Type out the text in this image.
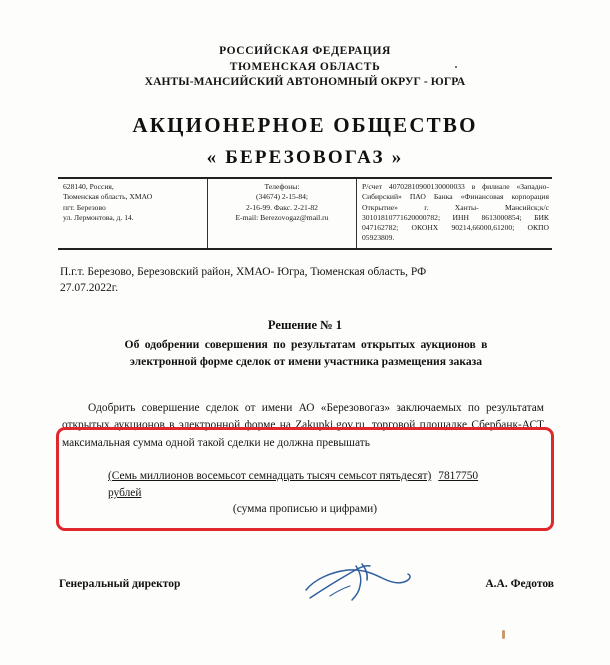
РОССИЙСКАЯ ФЕДЕРАЦИЯ
ТЮМЕНСКАЯ ОБЛАСТЬ
ХАНТЫ-МАНСИЙСКИЙ АВТОНОМНЫЙ ОКРУГ - ЮГРА
АКЦИОНЕРНОЕ ОБЩЕСТВО
« БЕРЕЗОВОГАЗ »
628140, Россия,
Тюменская область, ХМАО
пгт. Березово
ул. Лермонтова, д. 14.

Телефоны:
(34674) 2-15-84;
2-16-99. Факс. 2-21-82
E-mail: Berezovogaz@mail.ru
	Р/счет 40702810900130000033 в филиале «Западно-Сибирский» ПАО Банка «Финансовая корпорация Открытие» г. Ханты- Мансийск;к/с 30101810771620000782; ИНН 8613000854; БИК 047162782; ОКОНХ 90214,66000,61200; ОКПО 05923809.
П.г.т. Березово, Березовский район, ХМАО- Югра, Тюменская область, РФ
27.07.2022г.
Решение № 1
Об одобрении совершения по результатам открытых аукционов в
электронной форме сделок от имени участника размещения заказа
Одобрить совершение сделок от имени АО «Березовогаз» заключаемых по результатам открытых аукционов в электронной форме на Zakupki.gov.ru, торговой площадке Сбербанк-АСТ максимальная сумма одной такой сделки не должна превышать
(Семь миллионов восемьсот семнадцать тысяч семьсот пятьдесят) 7817750
рублей
(сумма прописью и цифрами)
Генеральный директор	А.А. Федотов
